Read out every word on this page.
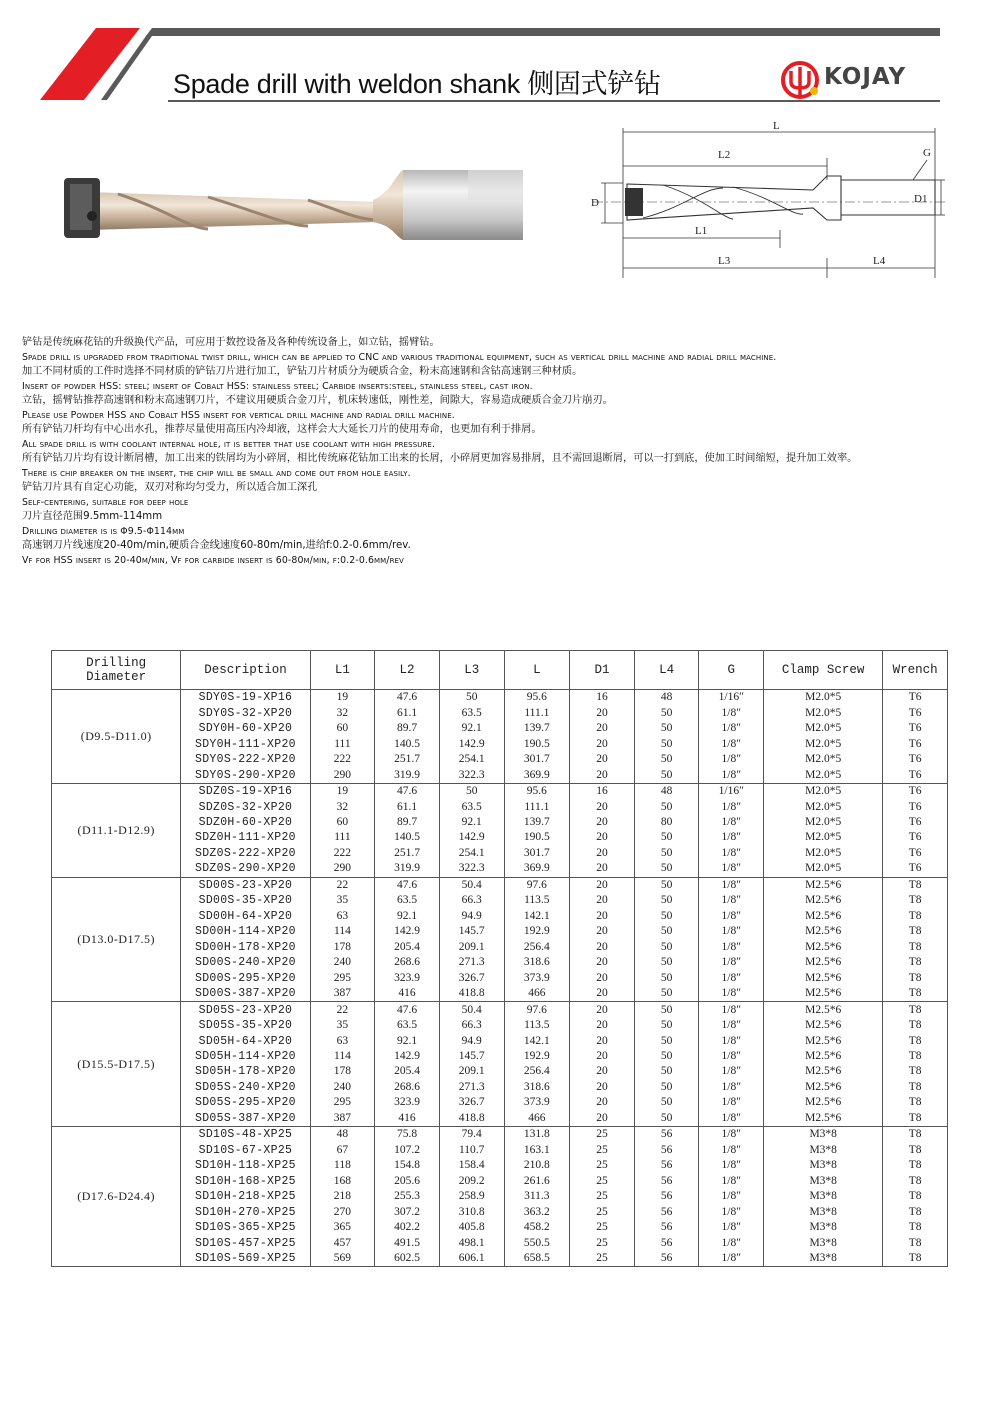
Spade drill with weldon shank 侧固式铲钻	KOJAY
L
L2
L1
L3	L4
D	D1
G
铲钻是传统麻花钻的升级换代产品，可应用于数控设备及各种传统设备上，如立钻，摇臂钻。
Spade drill is upgraded from traditional twist drill, which can be applied to CNC and various traditional equipment, such as vertical drill machine and radial drill machine.
加工不同材质的工件时选择不同材质的铲钻刀片进行加工，铲钻刀片材质分为硬质合金，粉末高速钢和含钴高速钢三种材质。
Insert of powder HSS: steel; insert of Cobalt HSS: stainless steel; Carbide inserts:steel, stainless steel, cast iron.
立钻，摇臂钻推荐高速钢和粉末高速钢刀片，不建议用硬质合金刀片，机床转速低，刚性差，间隙大，容易造成硬质合金刀片崩刃。
Please use Powder HSS and Cobalt HSS insert for vertical drill machine and radial drill machine.
所有铲钻刀杆均有中心出水孔，推荐尽量使用高压内冷却液，这样会大大延长刀片的使用寿命，也更加有利于排屑。
All spade drill is with coolant internal hole, it is better that use coolant with high pressure.
所有铲钻刀片均有设计断屑槽，加工出来的铁屑均为小碎屑，相比传统麻花钻加工出来的长屑，小碎屑更加容易排屑，且不需回退断屑，可以一打到底，使加工时间缩短，提升加工效率。
There is chip breaker on the insert, the chip will be small and come out from hole easily.
铲钻刀片具有自定心功能，双刃对称均匀受力，所以适合加工深孔
Self-centering, suitable for deep hole
刀片直径范围9.5mm-114mm
Drilling diameter is is Φ9.5-Φ114mm
高速钢刀片线速度20-40m/min,硬质合金线速度60-80m/min,进给f:0.2-0.6mm/rev.
Vf for HSS insert is 20-40m/min, Vf for carbide insert is 60-80m/min, f:0.2-0.6mm/rev
Drilling Diameter	Description	L1	L2	L3	L	D1	L4	G	Clamp Screw	Wrench
(D9.5-D11.0)	SDY0S-19-XP16	19	47.6	50	95.6	16	48	1/16″	M2.0*5	T6
	SDY0S-32-XP20	32	61.1	63.5	111.1	20	50	1/8″	M2.0*5	T6
	SDY0H-60-XP20	60	89.7	92.1	139.7	20	50	1/8″	M2.0*5	T6
	SDY0H-111-XP20	111	140.5	142.9	190.5	20	50	1/8″	M2.0*5	T6
	SDY0S-222-XP20	222	251.7	254.1	301.7	20	50	1/8″	M2.0*5	T6
	SDY0S-290-XP20	290	319.9	322.3	369.9	20	50	1/8″	M2.0*5	T6
(D11.1-D12.9)	SDZ0S-19-XP16	19	47.6	50	95.6	16	48	1/16″	M2.0*5	T6
	SDZ0S-32-XP20	32	61.1	63.5	111.1	20	50	1/8″	M2.0*5	T6
	SDZ0H-60-XP20	60	89.7	92.1	139.7	20	80	1/8″	M2.0*5	T6
	SDZ0H-111-XP20	111	140.5	142.9	190.5	20	50	1/8″	M2.0*5	T6
	SDZ0S-222-XP20	222	251.7	254.1	301.7	20	50	1/8″	M2.0*5	T6
	SDZ0S-290-XP20	290	319.9	322.3	369.9	20	50	1/8″	M2.0*5	T6
(D13.0-D17.5)	SD00S-23-XP20	22	47.6	50.4	97.6	20	50	1/8″	M2.5*6	T8
	SD00S-35-XP20	35	63.5	66.3	113.5	20	50	1/8″	M2.5*6	T8
	SD00H-64-XP20	63	92.1	94.9	142.1	20	50	1/8″	M2.5*6	T8
	SD00H-114-XP20	114	142.9	145.7	192.9	20	50	1/8″	M2.5*6	T8
	SD00H-178-XP20	178	205.4	209.1	256.4	20	50	1/8″	M2.5*6	T8
	SD00S-240-XP20	240	268.6	271.3	318.6	20	50	1/8″	M2.5*6	T8
	SD00S-295-XP20	295	323.9	326.7	373.9	20	50	1/8″	M2.5*6	T8
	SD00S-387-XP20	387	416	418.8	466	20	50	1/8″	M2.5*6	T8
(D15.5-D17.5)	SD05S-23-XP20	22	47.6	50.4	97.6	20	50	1/8″	M2.5*6	T8
	SD05S-35-XP20	35	63.5	66.3	113.5	20	50	1/8″	M2.5*6	T8
	SD05H-64-XP20	63	92.1	94.9	142.1	20	50	1/8″	M2.5*6	T8
	SD05H-114-XP20	114	142.9	145.7	192.9	20	50	1/8″	M2.5*6	T8
	SD05H-178-XP20	178	205.4	209.1	256.4	20	50	1/8″	M2.5*6	T8
	SD05S-240-XP20	240	268.6	271.3	318.6	20	50	1/8″	M2.5*6	T8
	SD05S-295-XP20	295	323.9	326.7	373.9	20	50	1/8″	M2.5*6	T8
	SD05S-387-XP20	387	416	418.8	466	20	50	1/8″	M2.5*6	T8
(D17.6-D24.4)	SD10S-48-XP25	48	75.8	79.4	131.8	25	56	1/8″	M3*8	T8
	SD10S-67-XP25	67	107.2	110.7	163.1	25	56	1/8″	M3*8	T8
	SD10H-118-XP25	118	154.8	158.4	210.8	25	56	1/8″	M3*8	T8
	SD10H-168-XP25	168	205.6	209.2	261.6	25	56	1/8″	M3*8	T8
	SD10H-218-XP25	218	255.3	258.9	311.3	25	56	1/8″	M3*8	T8
	SD10H-270-XP25	270	307.2	310.8	363.2	25	56	1/8″	M3*8	T8
	SD10S-365-XP25	365	402.2	405.8	458.2	25	56	1/8″	M3*8	T8
	SD10S-457-XP25	457	491.5	498.1	550.5	25	56	1/8″	M3*8	T8
	SD10S-569-XP25	569	602.5	606.1	658.5	25	56	1/8″	M3*8	T8
